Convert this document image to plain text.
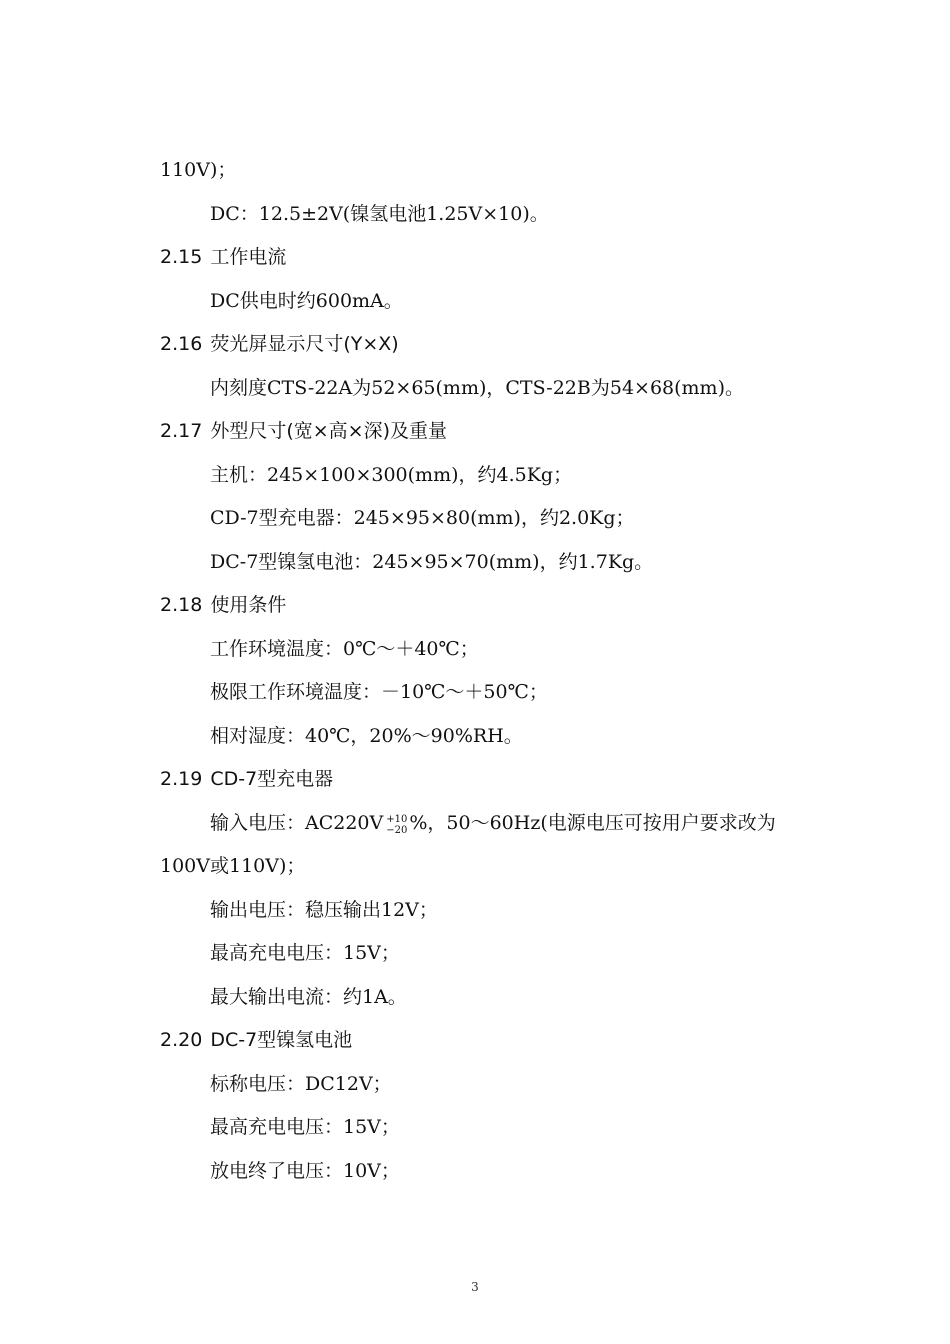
110V)；
DC：12.5±2V(镍氢电池1.25V×10)。
2.15 工作电流
DC供电时约600mA。
2.16 荧光屏显示尺寸(Y×X)
内刻度CTS-22A为52×65(mm)，CTS-22B为54×68(mm)。
2.17 外型尺寸(宽×高×深)及重量
主机：245×100×300(mm)，约4.5Kg；
CD-7型充电器：245×95×80(mm)，约2.0Kg；
DC-7型镍氢电池：245×95×70(mm)，约1.7Kg。
2.18 使用条件
工作环境温度：0℃～＋40℃；
极限工作环境温度：－10℃～＋50℃；
相对湿度：40℃，20%～90%RH。
2.19 CD-7型充电器
输入电压：AC220V +10
−20 %，50～60Hz(电源电压可按用户要求改为
100V或110V)；
输出电压：稳压输出12V；
最高充电电压：15V；
最大输出电流：约1A。
2.20 DC-7型镍氢电池
标称电压：DC12V；
最高充电电压：15V；
放电终了电压：10V；
3
